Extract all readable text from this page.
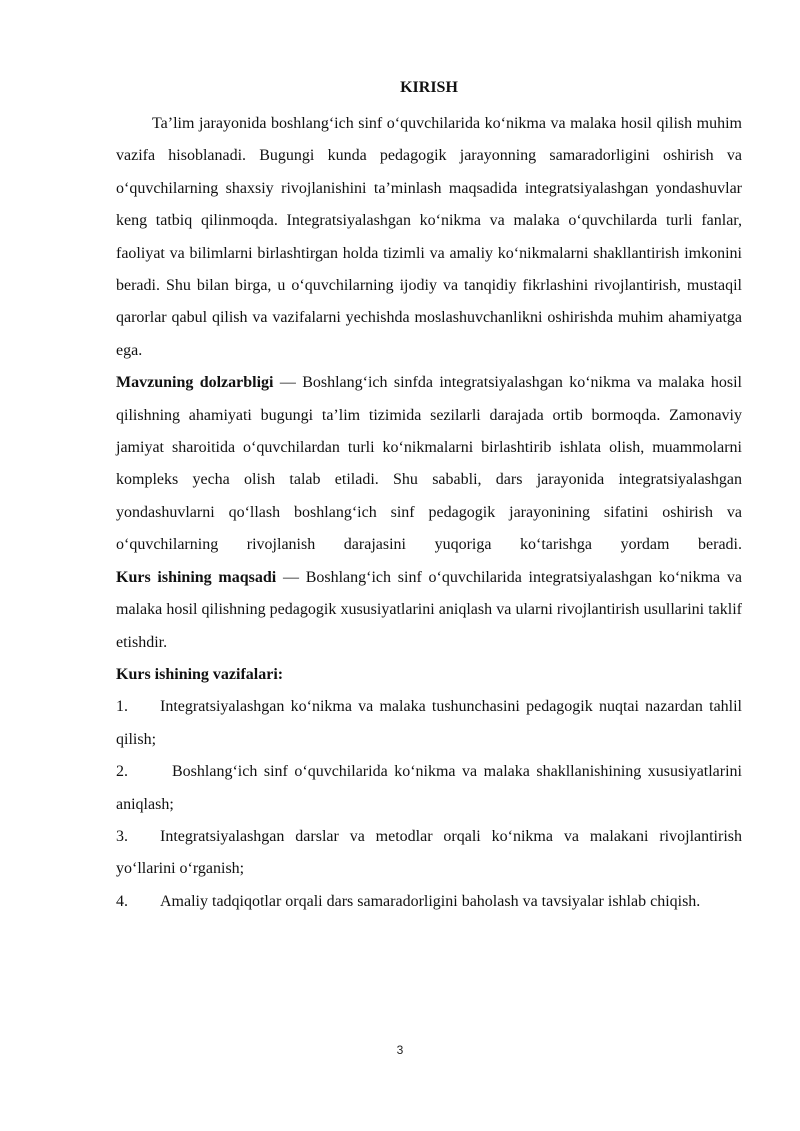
KIRISH

Ta’lim jarayonida boshlang‘ich sinf o‘quvchilarida ko‘nikma va malaka hosil qilish muhim vazifa hisoblanadi. Bugungi kunda pedagogik jarayonning samaradorligini oshirish va o‘quvchilarning shaxsiy rivojlanishini ta’minlash maqsadida integratsiyalashgan yondashuvlar keng tatbiq qilinmoqda. Integratsiyalashgan ko‘nikma va malaka o‘quvchilarda turli fanlar, faoliyat va bilimlarni birlashtirgan holda tizimli va amaliy ko‘nikmalarni shakllantirish imkonini beradi. Shu bilan birga, u o‘quvchilarning ijodiy va tanqidiy fikrlashini rivojlantirish, mustaqil qarorlar qabul qilish va vazifalarni yechishda moslashuvchanlikni oshirishda muhim ahamiyatga ega.

Mavzuning dolzarbligi — Boshlang‘ich sinfda integratsiyalashgan ko‘nikma va malaka hosil qilishning ahamiyati bugungi ta’lim tizimida sezilarli darajada ortib bormoqda. Zamonaviy jamiyat sharoitida o‘quvchilardan turli ko‘nikmalarni birlashtirib ishlata olish, muammolarni kompleks yecha olish talab etiladi. Shu sababli, dars jarayonida integratsiyalashgan yondashuvlarni qo‘llash boshlang‘ich sinf pedagogik jarayonining sifatini oshirish va o‘quvchilarning rivojlanish darajasini yuqoriga ko‘tarishga yordam beradi.

Kurs ishining maqsadi — Boshlang‘ich sinf o‘quvchilarida integratsiyalashgan ko‘nikma va malaka hosil qilishning pedagogik xususiyatlarini aniqlash va ularni rivojlantirish usullarini taklif etishdir.

Kurs ishining vazifalari:

1. Integratsiyalashgan ko‘nikma va malaka tushunchasini pedagogik nuqtai nazardan tahlil qilish;

2.	Boshlang‘ich sinf o‘quvchilarida ko‘nikma va malaka shakllanishining xususiyatlarini aniqlash;

3. Integratsiyalashgan darslar va metodlar orqali ko‘nikma va malakani rivojlantirish yo‘llarini o‘rganish;

4. Amaliy tadqiqotlar orqali dars samaradorligini baholash va tavsiyalar ishlab chiqish.

3
